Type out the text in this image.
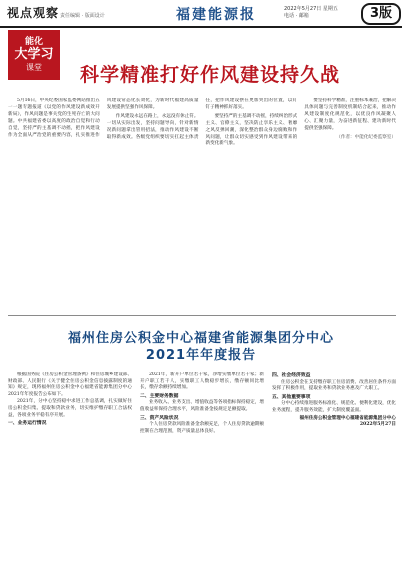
视点观察 责任编辑 · 版面设计	福建能源报	2022年5月27日 星期五
电话 · 邮箱	3版
能化
大学习
课堂	科学精准打好作风建设持久战

5月16日，中央纪委国家监委网站推出五一一题专题报道《以党的作风建设新成效开新局》，作风问题是事关党的生死存亡的大问题。中共福建省委以高度的政治自觉和行动自觉，坚持严的主基调不动摇，把作风建设作为全面从严治党的重要内容，扎实推进作风建设常态化长效化，为新时代福建高质量发展提供坚强作风保障。

作风建设永远在路上，永远没有休止符。一切从实际出发，坚持问题导向，针对新情况新问题拿出管用招法，推动作风建设不断取得新成效。各级党组织要切实扛起主体责任，把作风建设摆在更加突出的位置，以钉钉子精神抓好落实。

要坚持严的主基调不动摇，持续纠治形式主义、官僚主义，坚决防止享乐主义、奢靡之风反弹回潮，深化整治群众身边腐败和作风问题，让群众切实感受到作风建设带来的新变化新气象。

要坚持科学精准，注重标本兼治，把解决具体问题与完善制度机制结合起来，推动作风建设制度化规范化，以优良作风凝聚人心、汇聚力量，为奋进新征程、建功新时代提供坚强保障。

（作者：中能化纪委监察室）
福州住房公积金中心福建省能源集团分中心
2021年年度报告

根据国务院《住房公积金管理条例》和住房城乡建设部、财政部、人民银行《关于健全住房公积金信息披露制度的通知》规定，现将福州住房公积金中心福建省能源集团分中心2021年年度报告公布如下。

2021年，分中心坚持稳中求进工作总基调，扎实做好住房公积金归集、提取和贷款业务，切实维护缴存职工合法权益，各项业务平稳有序开展。

一、业务运行情况

2021年，新开户单位若干家，净增实缴单位若干家；新开户职工若干人，实缴职工人数稳步增长，缴存额同比增长，缴存余额持续增加。

二、主要财务数据

业务收入、业务支出、增值收益等各项指标保持稳定，增值收益率保持合理水平，风险准备金按规定足额提取。

三、资产风险状况

个人住房贷款风险准备金余额充足，个人住房贷款逾期额控制在合理范围，资产质量总体良好。

四、社会经济效益

住房公积金在支持缴存职工住房消费、改善居住条件方面发挥了积极作用，提取业务和贷款业务惠及广大职工。

五、其他重要事项

分中心持续推进服务标准化、规范化、便利化建设，优化业务流程，提升服务效能，扩大制度覆盖面。

福州住房公积金管理中心福建省能源集团分中心
2022年5月27日
